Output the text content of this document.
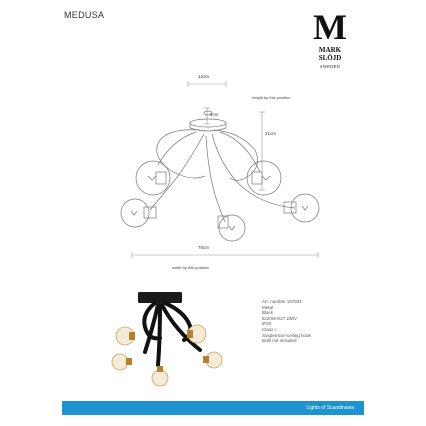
MEDUSA	M
MARK
SLÖJD
SWEDEN
12cm
6cm
21cm
70cm
height by this position
width by this position
Art. number 107931
Metal
Black
5x20W E27 230V
IP20
Class I
Suspension-ceiling hook
Bulb not included
Lights of Scandinavia
